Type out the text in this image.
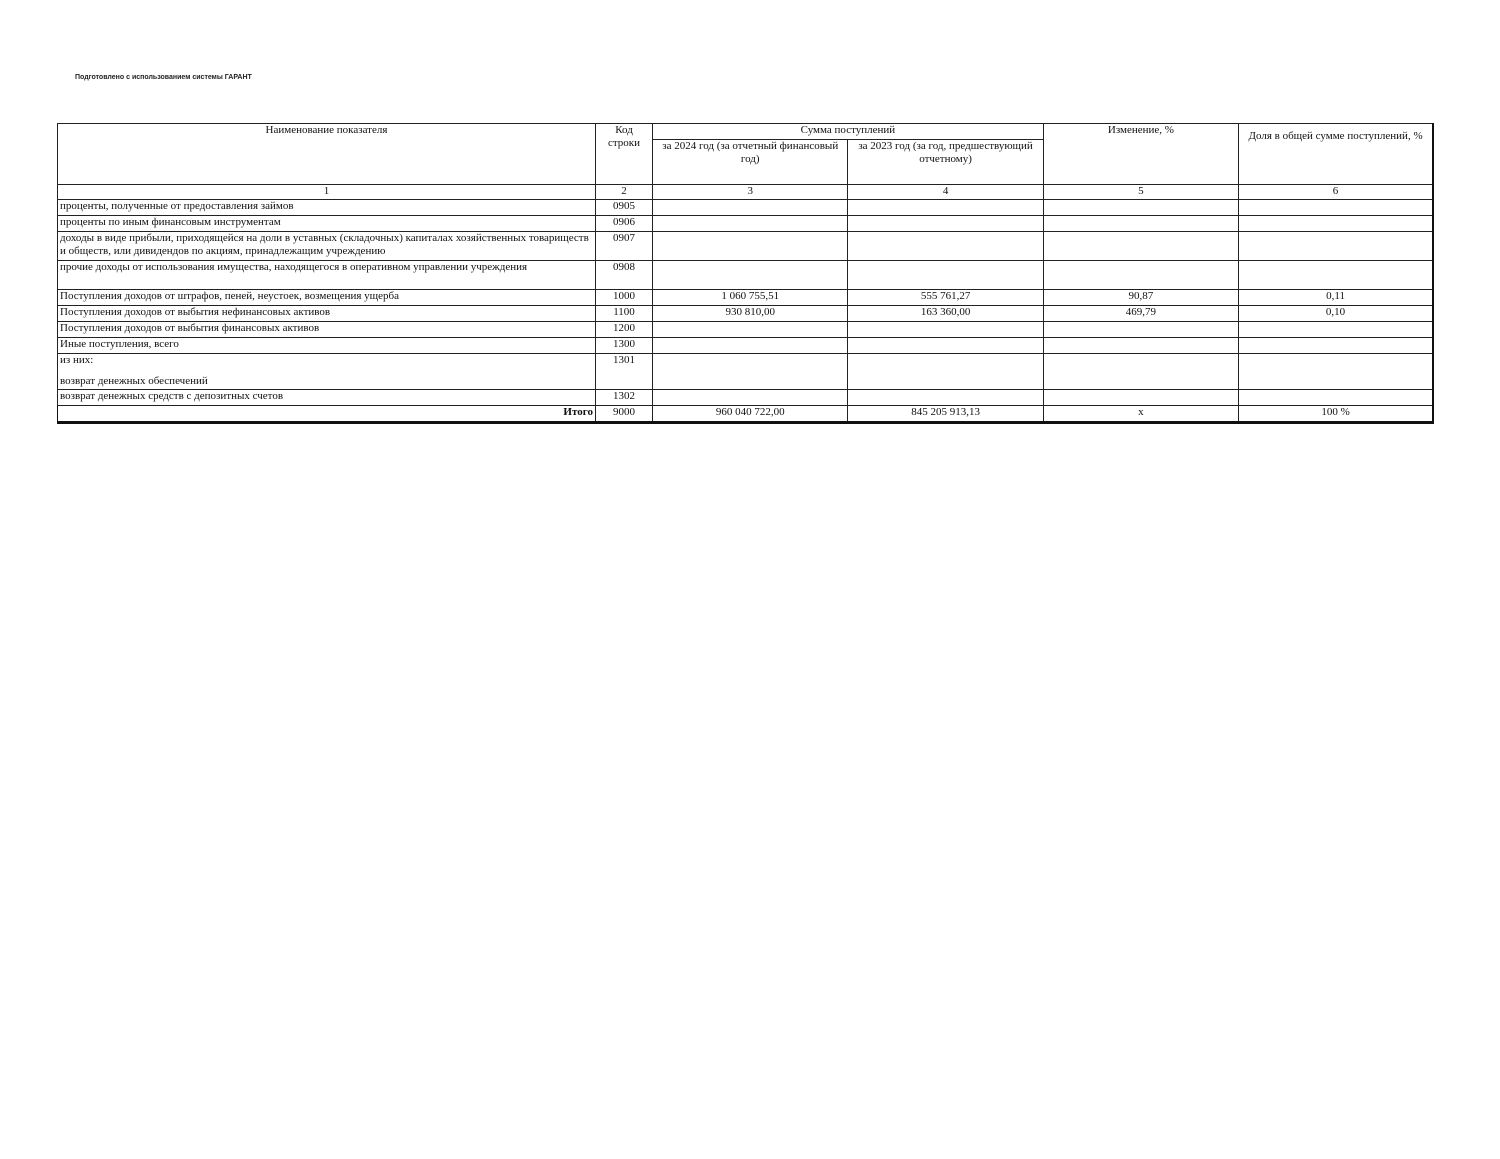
Подготовлено с использованием системы ГАРАНТ
Наименование показателя	Код строки	Сумма поступлений		Изменение, %	Доля в общей сумме поступлений, %
		за 2024 год (за отчетный финансовый год)	за 2023 год (за год, предшествующий отчетному)		
1	2	3	4	5	6
проценты, полученные от предоставления займов	0905				
проценты по иным финансовым инструментам	0906				
доходы в виде прибыли, приходящейся на доли в уставных (складочных) капиталах хозяйственных товариществ и обществ, или дивидендов по акциям, принадлежащим учреждению	0907				
прочие доходы от использования имущества, находящегося в оперативном управлении учреждения	0908				
Поступления доходов от штрафов, пеней, неустоек, возмещения ущерба	1000	1 060 755,51	555 761,27	90,87	0,11
Поступления доходов от выбытия нефинансовых активов	1100	930 810,00	163 360,00	469,79	0,10
Поступления доходов от выбытия финансовых активов	1200				
Иные поступления, всего	1300				

из них:
возврат денежных обеспечений	1301				
возврат денежных средств с депозитных счетов	1302				
Итого	9000	960 040 722,00	845 205 913,13	х	100 %
